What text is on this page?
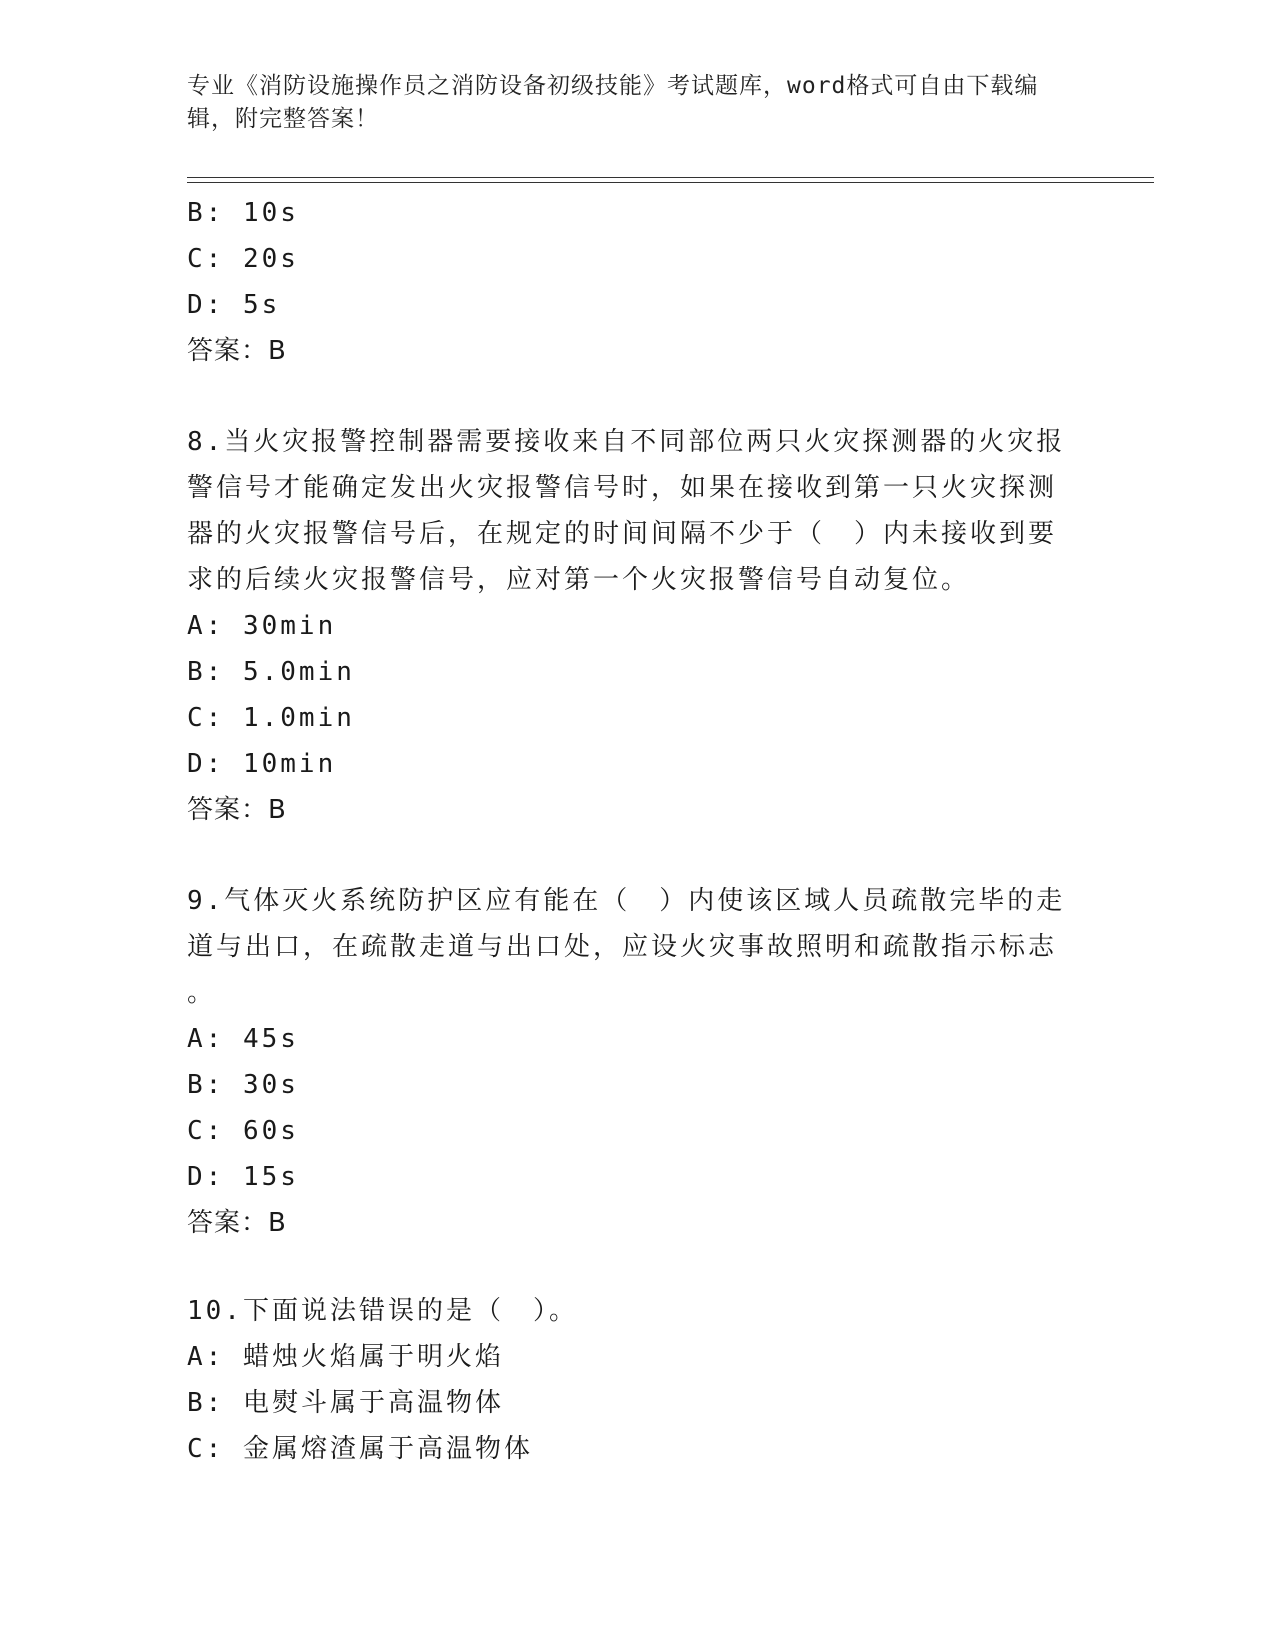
专业《消防设施操作员之消防设备初级技能》考试题库，word格式可自由下载编辑，附完整答案！
B: 10s
C: 20s
D: 5s
答案：B
8.当火灾报警控制器需要接收来自不同部位两只火灾探测器的火灾报
警信号才能确定发出火灾报警信号时，如果在接收到第一只火灾探测
器的火灾报警信号后，在规定的时间间隔不少于（　）内未接收到要
求的后续火灾报警信号，应对第一个火灾报警信号自动复位。
A: 30min
B: 5.0min
C: 1.0min
D: 10min
答案：B
9.气体灭火系统防护区应有能在（　）内使该区域人员疏散完毕的走
道与出口，在疏散走道与出口处，应设火灾事故照明和疏散指示标志
。
A: 45s
B: 30s
C: 60s
D: 15s
答案：B
10.下面说法错误的是（　）。
A: 蜡烛火焰属于明火焰
B: 电熨斗属于高温物体
C: 金属熔渣属于高温物体
